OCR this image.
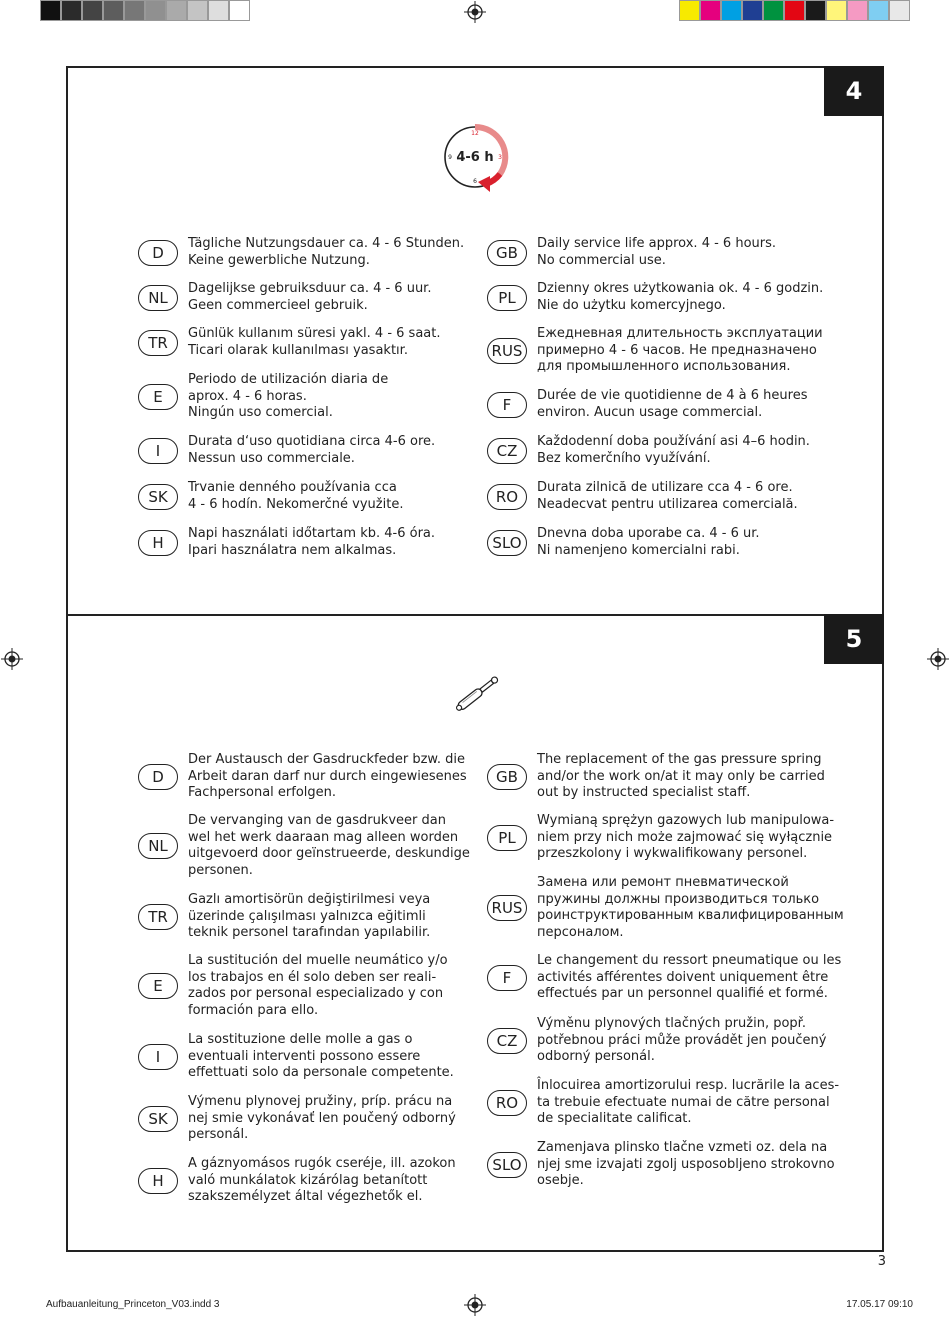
4
12
3
6
9 4-6 h
D	Tägliche Nutzungsdauer ca. 4 - 6 Stunden.
Keine gewerbliche Nutzung.
NL	Dagelijkse gebruiksduur ca. 4 - 6 uur.
Geen commercieel gebruik.
TR	Günlük kullanım süresi yakl. 4 - 6 saat.
Ticari olarak kullanılması yasaktır.
E
Periodo de utilización diaria de
aprox. 4 - 6 horas.
Ningún uso comercial.
I	Durata d‘uso quotidiana circa 4-6 ore.
Nessun uso commerciale.
SK	Trvanie denného používania cca
4 - 6 hodín. Nekomerčné využite.
H	Napi használati időtartam kb. 4-6 óra.
Ipari használatra nem alkalmas.
GB	Daily service life approx. 4 - 6 hours.
No commercial use.
PL	Dzienny okres użytkowania ok. 4 - 6 godzin.
Nie do użytku komercyjnego.
RUS
Ежедневная длительность эксплуатации
примерно 4 - 6 часов. Не предназначено
для промышленного использования.
F	Durée de vie quotidienne de 4 à 6 heures
environ. Aucun usage commercial.
CZ	Každodenní doba používání asi 4–6 hodin.
Bez komerčního využívání.
RO	Durata zilnică de utilizare cca 4 - 6 ore.
Neadecvat pentru utilizarea comercială.
SLO	Dnevna doba uporabe ca. 4 - 6 ur.
Ni namenjeno komercialni rabi.
5
D
Der Austausch der Gasdruckfeder bzw. die
Arbeit daran darf nur durch eingewiesenes
Fachpersonal erfolgen.
NL
De vervanging van de gasdrukveer dan
wel het werk daaraan mag alleen worden
uitgevoerd door geïnstrueerde, deskundige
personen.
TR
Gazlı amortisörün değiştirilmesi veya
üzerinde çalışılması yalnızca eğitimli
teknik personel tarafından yapılabilir.
E
La sustitución del muelle neumático y/o
los trabajos en él solo deben ser reali-
zados por personal especializado y con
formación para ello.
I
La sostituzione delle molle a gas o
eventuali interventi possono essere
effettuati solo da personale competente.
SK
Výmenu plynovej pružiny, príp. prácu na
nej smie vykonávať len poučený odborný
personál.
H
A gáznyomásos rugók cseréje, ill. azokon
való munkálatok kizárólag betanított
szakszemélyzet által végezhetők el.
GB
The replacement of the gas pressure spring
and/or the work on/at it may only be carried
out by instructed specialist staff.
PL
Wymianą sprężyn gazowych lub manipulowa-
niem przy nich może zajmować się wyłącznie
przeszkolony i wykwalifikowany personel.
RUS
Замена или ремонт пневматической
пружины должны производиться только
роинструктированным квалифицированным
персоналом.
F
Le changement du ressort pneumatique ou les
activités afférentes doivent uniquement être
effectués par un personnel qualifié et formé.
CZ
Výměnu plynových tlačných pružin, popř.
potřebnou práci může provádět jen poučený
odborný personál.
RO
Înlocuirea amortizorului resp. lucrările la aces-
ta trebuie efectuate numai de către personal
de specialitate calificat.
SLO
Zamenjava plinsko tlačne vzmeti oz. dela na
njej sme izvajati zgolj usposobljeno strokovno
osebje.
3
Aufbauanleitung_Princeton_V03.indd 3	17.05.17 09:10
